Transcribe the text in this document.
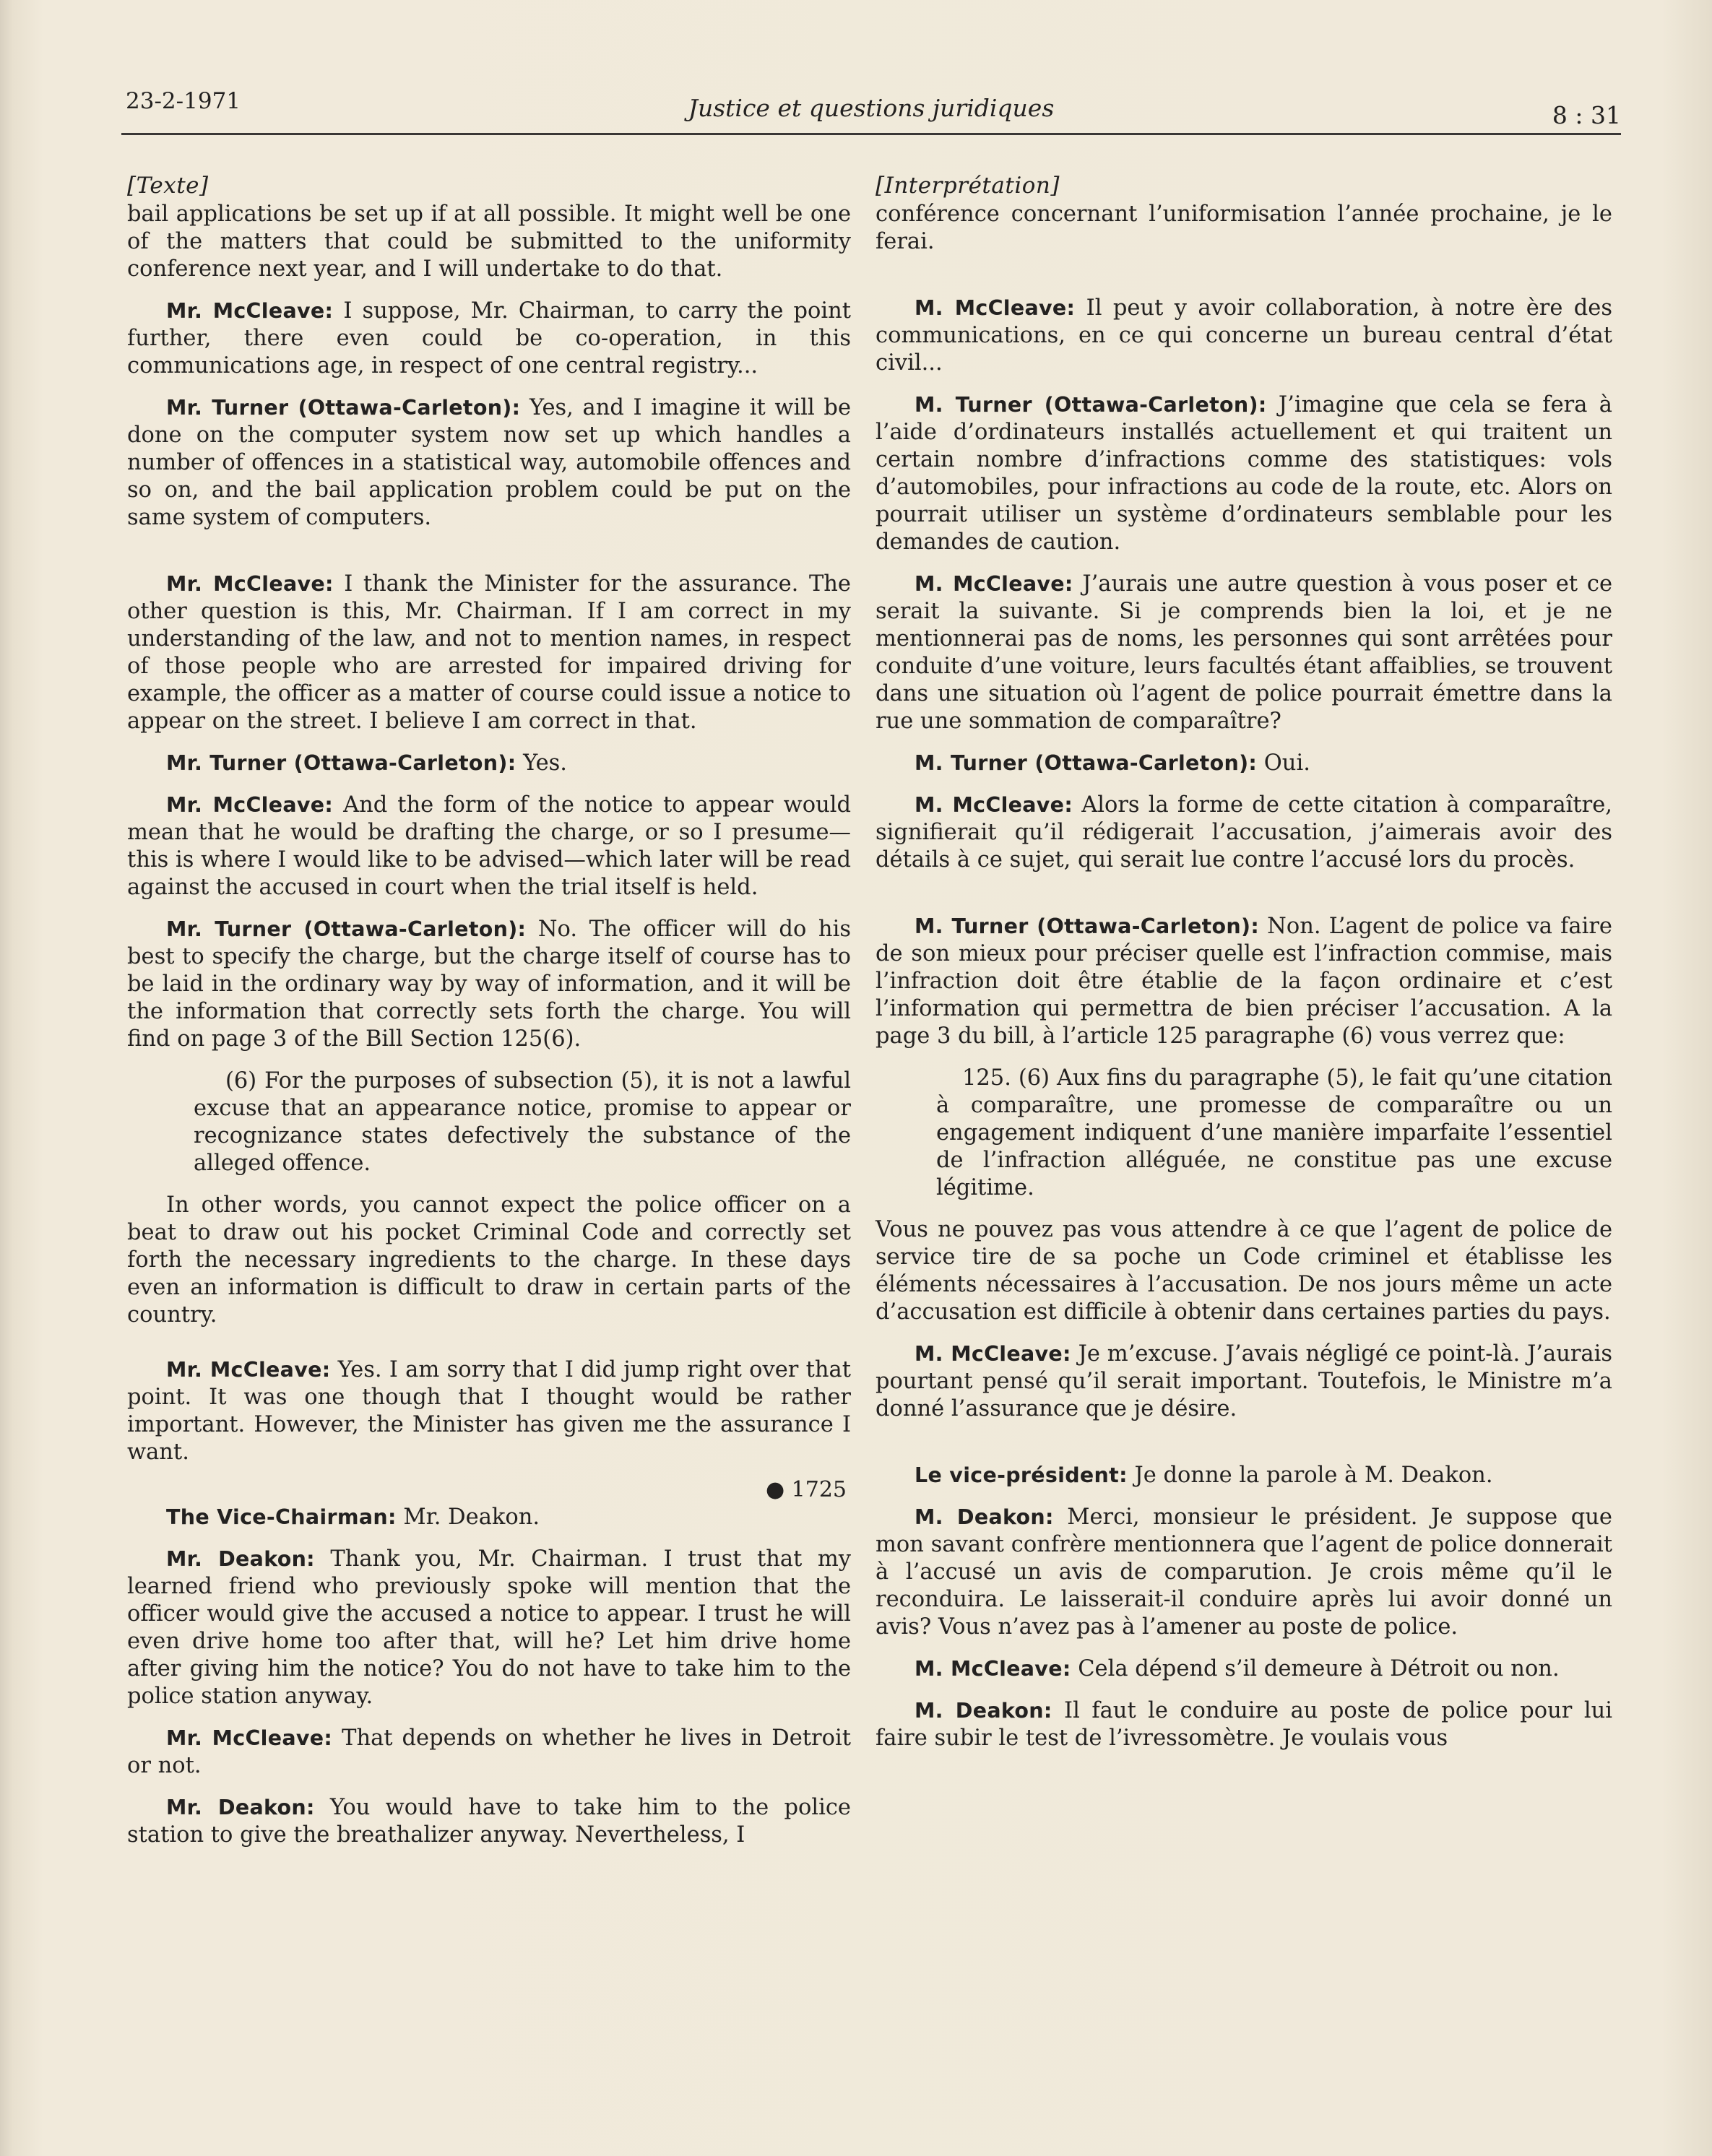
23-2-1971	Justice et questions juridiques	8 : 31
[Texte]

bail applications be set up if at all possible. It might well be one of the matters that could be submitted to the uniformity conference next year, and I will undertake to do that.

Mr. McCleave: I suppose, Mr. Chairman, to carry the point further, there even could be co-operation, in this communications age, in respect of one central registry...

Mr. Turner (Ottawa-Carleton): Yes, and I imagine it will be done on the computer system now set up which handles a number of offences in a statistical way, automobile offences and so on, and the bail application problem could be put on the same system of computers.

Mr. McCleave: I thank the Minister for the assurance. The other question is this, Mr. Chairman. If I am correct in my understanding of the law, and not to mention names, in respect of those people who are arrested for impaired driving for example, the officer as a matter of course could issue a notice to appear on the street. I believe I am correct in that.

Mr. Turner (Ottawa-Carleton): Yes.

Mr. McCleave: And the form of the notice to appear would mean that he would be drafting the charge, or so I presume—this is where I would like to be advised—which later will be read against the accused in court when the trial itself is held.

Mr. Turner (Ottawa-Carleton): No. The officer will do his best to specify the charge, but the charge itself of course has to be laid in the ordinary way by way of information, and it will be the information that correctly sets forth the charge. You will find on page 3 of the Bill Section 125(6).

(6) For the purposes of subsection (5), it is not a lawful excuse that an appearance notice, promise to appear or recognizance states defectively the substance of the alleged offence.

In other words, you cannot expect the police officer on a beat to draw out his pocket Criminal Code and correctly set forth the necessary ingredients to the charge. In these days even an information is difficult to draw in certain parts of the country.

Mr. McCleave: Yes. I am sorry that I did jump right over that point. It was one though that I thought would be rather important. However, the Minister has given me the assurance I want.

● 1725

The Vice-Chairman: Mr. Deakon.

Mr. Deakon: Thank you, Mr. Chairman. I trust that my learned friend who previously spoke will mention that the officer would give the accused a notice to appear. I trust he will even drive home too after that, will he? Let him drive home after giving him the notice? You do not have to take him to the police station anyway.

Mr. McCleave: That depends on whether he lives in Detroit or not.

Mr. Deakon: You would have to take him to the police station to give the breathalizer anyway. Nevertheless, I

[Interprétation]

conférence concernant l’uniformisation l’année prochaine, je le ferai.

M. McCleave: Il peut y avoir collaboration, à notre ère des communications, en ce qui concerne un bureau central d’état civil...

M. Turner (Ottawa-Carleton): J’imagine que cela se fera à l’aide d’ordinateurs installés actuellement et qui traitent un certain nombre d’infractions comme des statistiques: vols d’automobiles, pour infractions au code de la route, etc. Alors on pourrait utiliser un système d’ordinateurs semblable pour les demandes de caution.

M. McCleave: J’aurais une autre question à vous poser et ce serait la suivante. Si je comprends bien la loi, et je ne mentionnerai pas de noms, les personnes qui sont arrêtées pour conduite d’une voiture, leurs facultés étant affaiblies, se trouvent dans une situation où l’agent de police pourrait émettre dans la rue une sommation de comparaître?

M. Turner (Ottawa-Carleton): Oui.

M. McCleave: Alors la forme de cette citation à comparaître, signifierait qu’il rédigerait l’accusation, j’aimerais avoir des détails à ce sujet, qui serait lue contre l’accusé lors du procès.

M. Turner (Ottawa-Carleton): Non. L’agent de police va faire de son mieux pour préciser quelle est l’infraction commise, mais l’infraction doit être établie de la façon ordinaire et c’est l’information qui permettra de bien préciser l’accusation. A la page 3 du bill, à l’article 125 paragraphe (6) vous verrez que:

125. (6) Aux fins du paragraphe (5), le fait qu’une citation à comparaître, une promesse de comparaître ou un engagement indiquent d’une manière imparfaite l’essentiel de l’infraction alléguée, ne constitue pas une excuse légitime.

Vous ne pouvez pas vous attendre à ce que l’agent de police de service tire de sa poche un Code criminel et établisse les éléments nécessaires à l’accusation. De nos jours même un acte d’accusation est difficile à obtenir dans certaines parties du pays.

M. McCleave: Je m’excuse. J’avais négligé ce point-là. J’aurais pourtant pensé qu’il serait important. Toutefois, le Ministre m’a donné l’assurance que je désire.

Le vice-président: Je donne la parole à M. Deakon.

M. Deakon: Merci, monsieur le président. Je suppose que mon savant confrère mentionnera que l’agent de police donnerait à l’accusé un avis de comparution. Je crois même qu’il le reconduira. Le laisserait-il conduire après lui avoir donné un avis? Vous n’avez pas à l’amener au poste de police.

M. McCleave: Cela dépend s’il demeure à Détroit ou non.

M. Deakon: Il faut le conduire au poste de police pour lui faire subir le test de l’ivressomètre. Je voulais vous
